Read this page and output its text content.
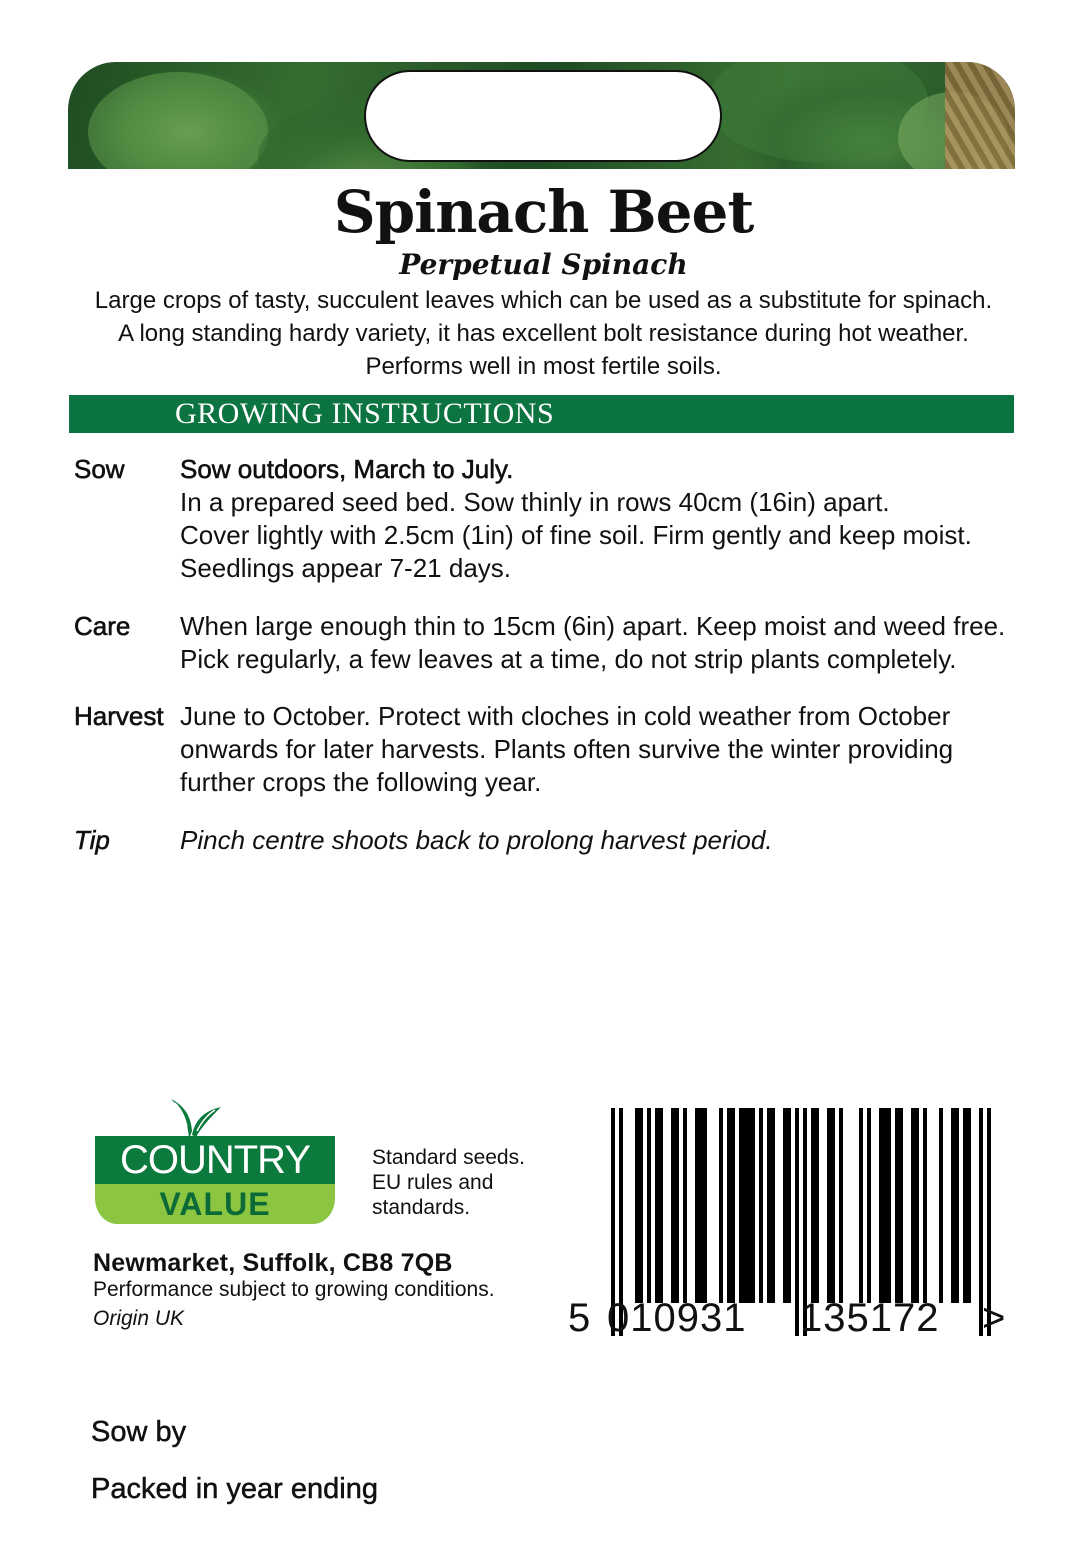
Spinach Beet
Perpetual Spinach
Large crops of tasty, succulent leaves which can be used as a substitute for spinach.
A long standing hardy variety, it has excellent bolt resistance during hot weather.
Performs well in most fertile soils.
GROWING INSTRUCTIONS
Sow Sow outdoors, March to July.
In a prepared seed bed. Sow thinly in rows 40cm (16in) apart.
Cover lightly with 2.5cm (1in) of fine soil. Firm gently and keep moist.
Seedlings appear 7-21 days.
Care When large enough thin to 15cm (6in) apart. Keep moist and weed free.
Pick regularly, a few leaves at a time, do not strip plants completely.
Harvest June to October. Protect with cloches in cold weather from October
onwards for later harvests. Plants often survive the winter providing
further crops the following year.
Tip	Pinch centre shoots back to prolong harvest period.
COUNTRY
VALUE
Standard seeds.
EU rules and
standards.
Newmarket, Suffolk, CB8 7QB
Performance subject to growing conditions.
Origin UK	5 010931 135172 >
Sow by
Packed in year ending
